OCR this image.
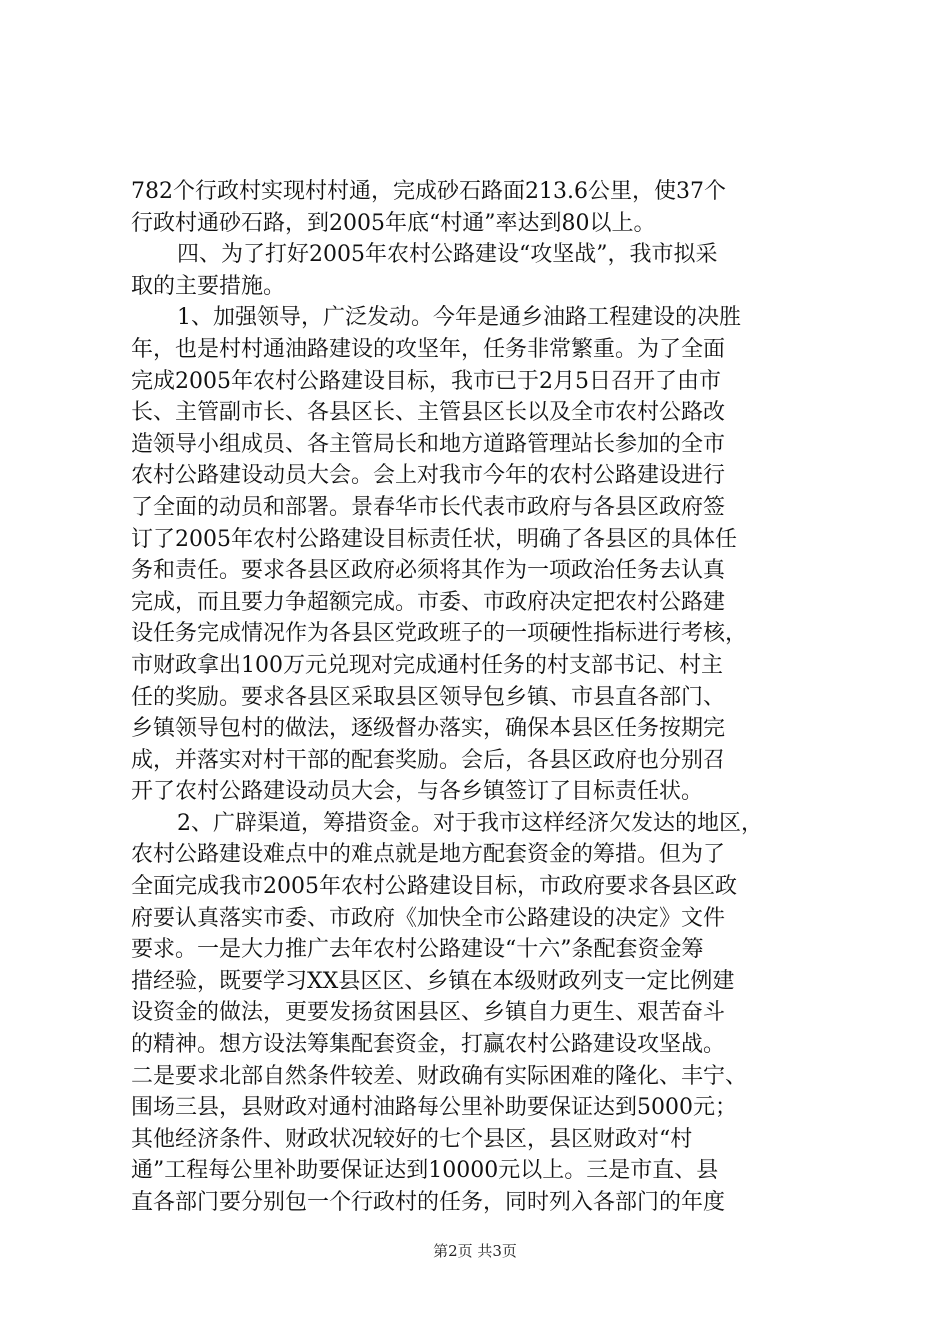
782个行政村实现村村通，完成砂石路面213.6公里，使37个
行政村通砂石路，到2005年底“村通”率达到80以上。
四、为了打好2005年农村公路建设“攻坚战”，我市拟采
取的主要措施。
1、加强领导，广泛发动。今年是通乡油路工程建设的决胜
年，也是村村通油路建设的攻坚年，任务非常繁重。为了全面
完成2005年农村公路建设目标，我市已于2月5日召开了由市
长、主管副市长、各县区长、主管县区长以及全市农村公路改
造领导小组成员、各主管局长和地方道路管理站长参加的全市
农村公路建设动员大会。会上对我市今年的农村公路建设进行
了全面的动员和部署。景春华市长代表市政府与各县区政府签
订了2005年农村公路建设目标责任状，明确了各县区的具体任
务和责任。要求各县区政府必须将其作为一项政治任务去认真
完成，而且要力争超额完成。市委、市政府决定把农村公路建
设任务完成情况作为各县区党政班子的一项硬性指标进行考核，
市财政拿出100万元兑现对完成通村任务的村支部书记、村主
任的奖励。要求各县区采取县区领导包乡镇、市县直各部门、
乡镇领导包村的做法，逐级督办落实，确保本县区任务按期完
成，并落实对村干部的配套奖励。会后，各县区政府也分别召
开了农村公路建设动员大会，与各乡镇签订了目标责任状。
2、广辟渠道，筹措资金。对于我市这样经济欠发达的地区，
农村公路建设难点中的难点就是地方配套资金的筹措。但为了
全面完成我市2005年农村公路建设目标，市政府要求各县区政
府要认真落实市委、市政府《加快全市公路建设的决定》文件
要求。一是大力推广去年农村公路建设“十六”条配套资金筹
措经验，既要学习XX县区区、乡镇在本级财政列支一定比例建
设资金的做法，更要发扬贫困县区、乡镇自力更生、艰苦奋斗
的精神。想方设法筹集配套资金，打赢农村公路建设攻坚战。
二是要求北部自然条件较差、财政确有实际困难的隆化、丰宁、
围场三县，县财政对通村油路每公里补助要保证达到5000元；
其他经济条件、财政状况较好的七个县区，县区财政对“村
通”工程每公里补助要保证达到10000元以上。三是市直、县
直各部门要分别包一个行政村的任务，同时列入各部门的年度
第2页 共3页
